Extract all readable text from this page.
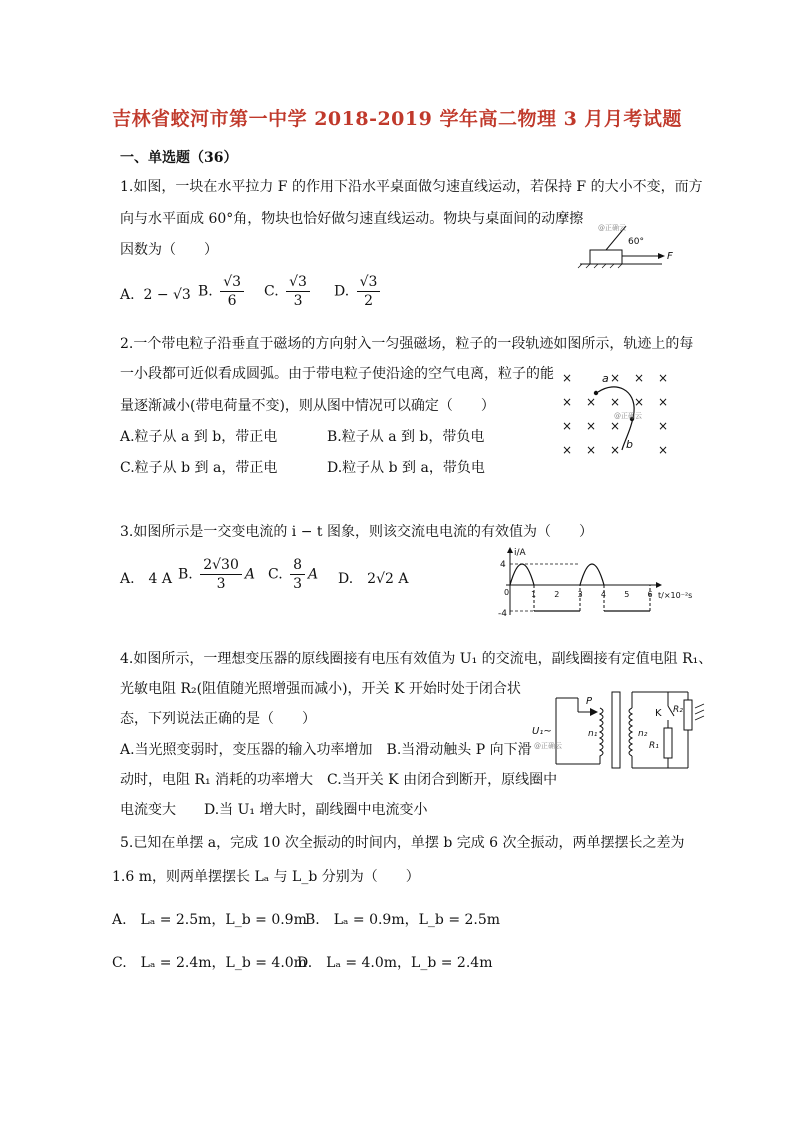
吉林省蛟河市第一中学 2018-2019 学年高二物理 3 月月考试题
一、单选题（36）
1.如图，一块在水平拉力 F 的作用下沿水平桌面做匀速直线运动，若保持 F 的大小不变，而方
向与水平面成 60°角，物块也恰好做匀速直线运动。物块与桌面间的动摩擦
因数为（　　）	60°
F
@正确云
A. 2 − √3 B. $\frac{√3}{6} C$. $\frac{√3}{3} D$. $\frac{√3}{2}$
2.一个带电粒子沿垂直于磁场的方向射入一匀强磁场，粒子的一段轨迹如图所示，轨迹上的每
一小段都可近似看成圆弧。由于带电粒子使沿途的空气电离，粒子的能
量逐渐减小(带电荷量不变)，则从图中情况可以确定（　　）
A.粒子从 a 到 b，带正电	B.粒子从 a 到 b，带负电
C.粒子从 b 到 a，带正电	D.粒子从 b 到 a，带负电
×	× × ×
× × × × ×
× × ×	×
× × ×	×
a
b
@正确云
3.如图所示是一交变电流的 i − t 图象，则该交流电电流的有效值为（　　）
A.　4 A B. $\frac{2√30}{3}$ A C. $\frac{8}{3}$ A D.　2√2 A
i/A
t/×10⁻²s
4
-4
0	1 2 3 4 5 6
4.如图所示，一理想变压器的原线圈接有电压有效值为 U₁ 的交流电，副线圈接有定值电阻 R₁、
光敏电阻 R₂(阻值随光照增强而减小)，开关 K 开始时处于闭合状
态，下列说法正确的是（　　）
A.当光照变弱时，变压器的输入功率增加　B.当滑动触头 P 向下滑
动时，电阻 R₁ 消耗的功率增大　C.当开关 K 由闭合到断开，原线圈中
电流变大　　D.当 U₁ 增大时，副线圈中电流变小
P
U₁~	n₁	n₂
K
R₁
R₂
@正确云
5.已知在单摆 a，完成 10 次全振动的时间内，单摆 b 完成 6 次全振动，两单摆摆长之差为
1.6 m，则两单摆摆长 Lₐ 与 L_b 分别为（　　）
A.　Lₐ = 2.5m，L_b = 0.9m
B.　Lₐ = 0.9m，L_b = 2.5m
C.　Lₐ = 2.4m，L_b = 4.0m
D.　Lₐ = 4.0m，L_b = 2.4m
